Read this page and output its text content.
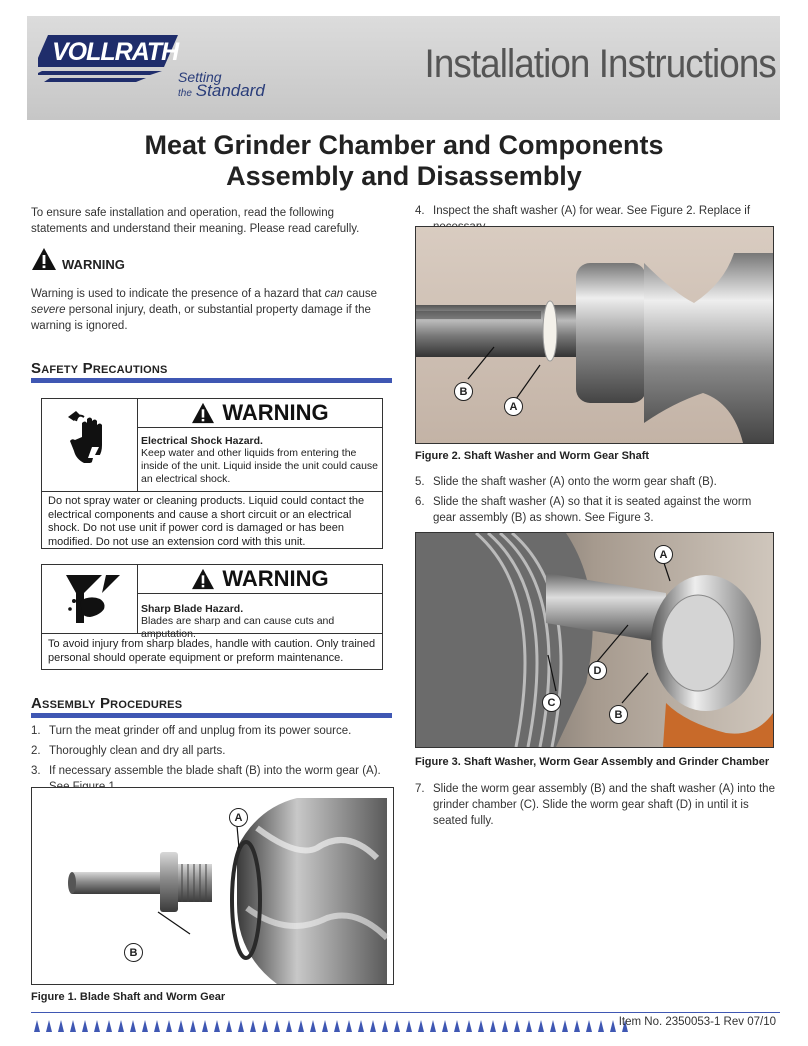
VOLLRATH
Setting
the Standard
Installation Instructions
Meat Grinder Chamber and Components
Assembly and Disassembly
To ensure safe installation and operation, read the following statements and understand their meaning. Please read carefully.
WARNING
Warning is used to indicate the presence of a hazard that can cause severe personal injury, death, or substantial property damage if the warning is ignored.
Safety Precautions
WARNING
Electrical Shock Hazard.
Keep water and other liquids from entering the inside of the unit. Liquid inside the unit could cause an electrical shock.
Do not spray water or cleaning products. Liquid could contact the electrical components and cause a short circuit or an electrical shock. Do not use unit if power cord is damaged or has been modified. Do not use an extension cord with this unit.
WARNING
Sharp Blade Hazard.
Blades are sharp and can cause cuts and amputation.
To avoid injury from sharp blades, handle with caution. Only trained personal should operate equipment or preform maintenance.
Assembly Procedures
1. Turn the meat grinder off and unplug from its power source.
2. Thoroughly clean and dry all parts.
3. If necessary assemble the blade shaft (B) into the worm gear (A).
A
B
Figure 1. Blade Shaft and Worm Gear
4. Inspect the shaft washer (A) for wear. See Figure 2. Replace if
B
A
Figure 2. Shaft Washer and Worm Gear Shaft
5. Slide the shaft washer (A) onto the worm gear shaft (B).
6. Slide the shaft washer (A) so that it is seated against the worm gear assembly (B) as shown. See Figure 3.
A
D
C
B
Figure 3. Shaft Washer, Worm Gear Assembly and Grinder Chamber
7. Slide the worm gear assembly (B) and the shaft washer (A) into the grinder chamber (C). Slide the worm gear shaft (D) in until it is seated fully.
Item No. 2350053-1 Rev 07/10
